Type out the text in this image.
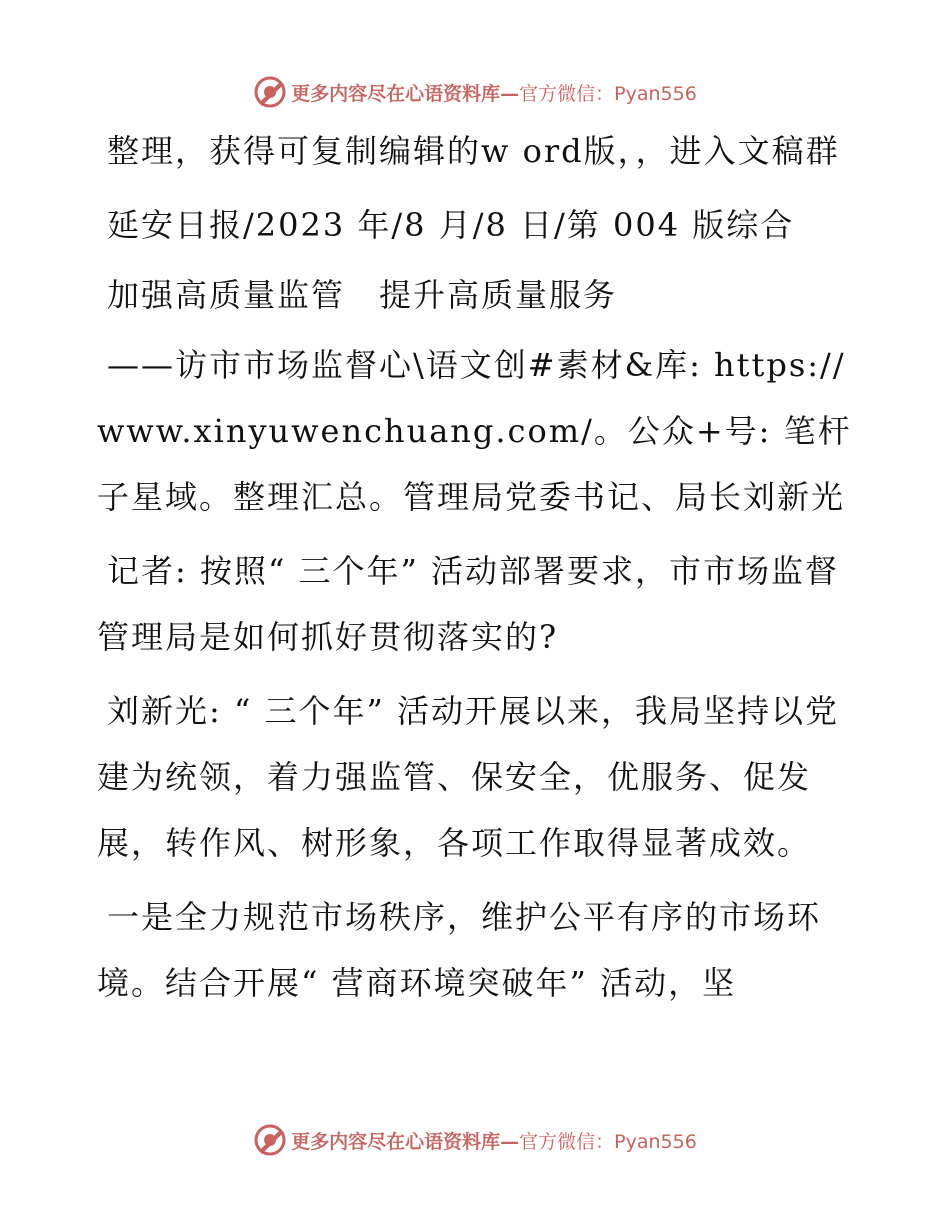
更多内容尽在心语资料库— 官方微信：Pyan556

整理，获得可复制编辑的w ord版，，进入文稿群

延安日报/2023 年/8 月/8 日/第 004 版综合

加强高质量监管　提升高质量服务

——访市市场监督心\语文创#素材&库: https://www.xinyuwenchuang.com/。公众+号: 笔杆子星域。整理汇总。管理局党委书记、局长刘新光

记者: 按照“ 三个年” 活动部署要求，市市场监督管理局是如何抓好贯彻落实的?

刘新光: “ 三个年” 活动开展以来，我局坚持以党建为统领，着力强监管、保安全，优服务、促发展，转作风、树形象，各项工作取得显著成效。

一是全力规范市场秩序，维护公平有序的市场环境。结合开展“ 营商环境突破年” 活动，坚

更多内容尽在心语资料库— 官方微信：Pyan556
